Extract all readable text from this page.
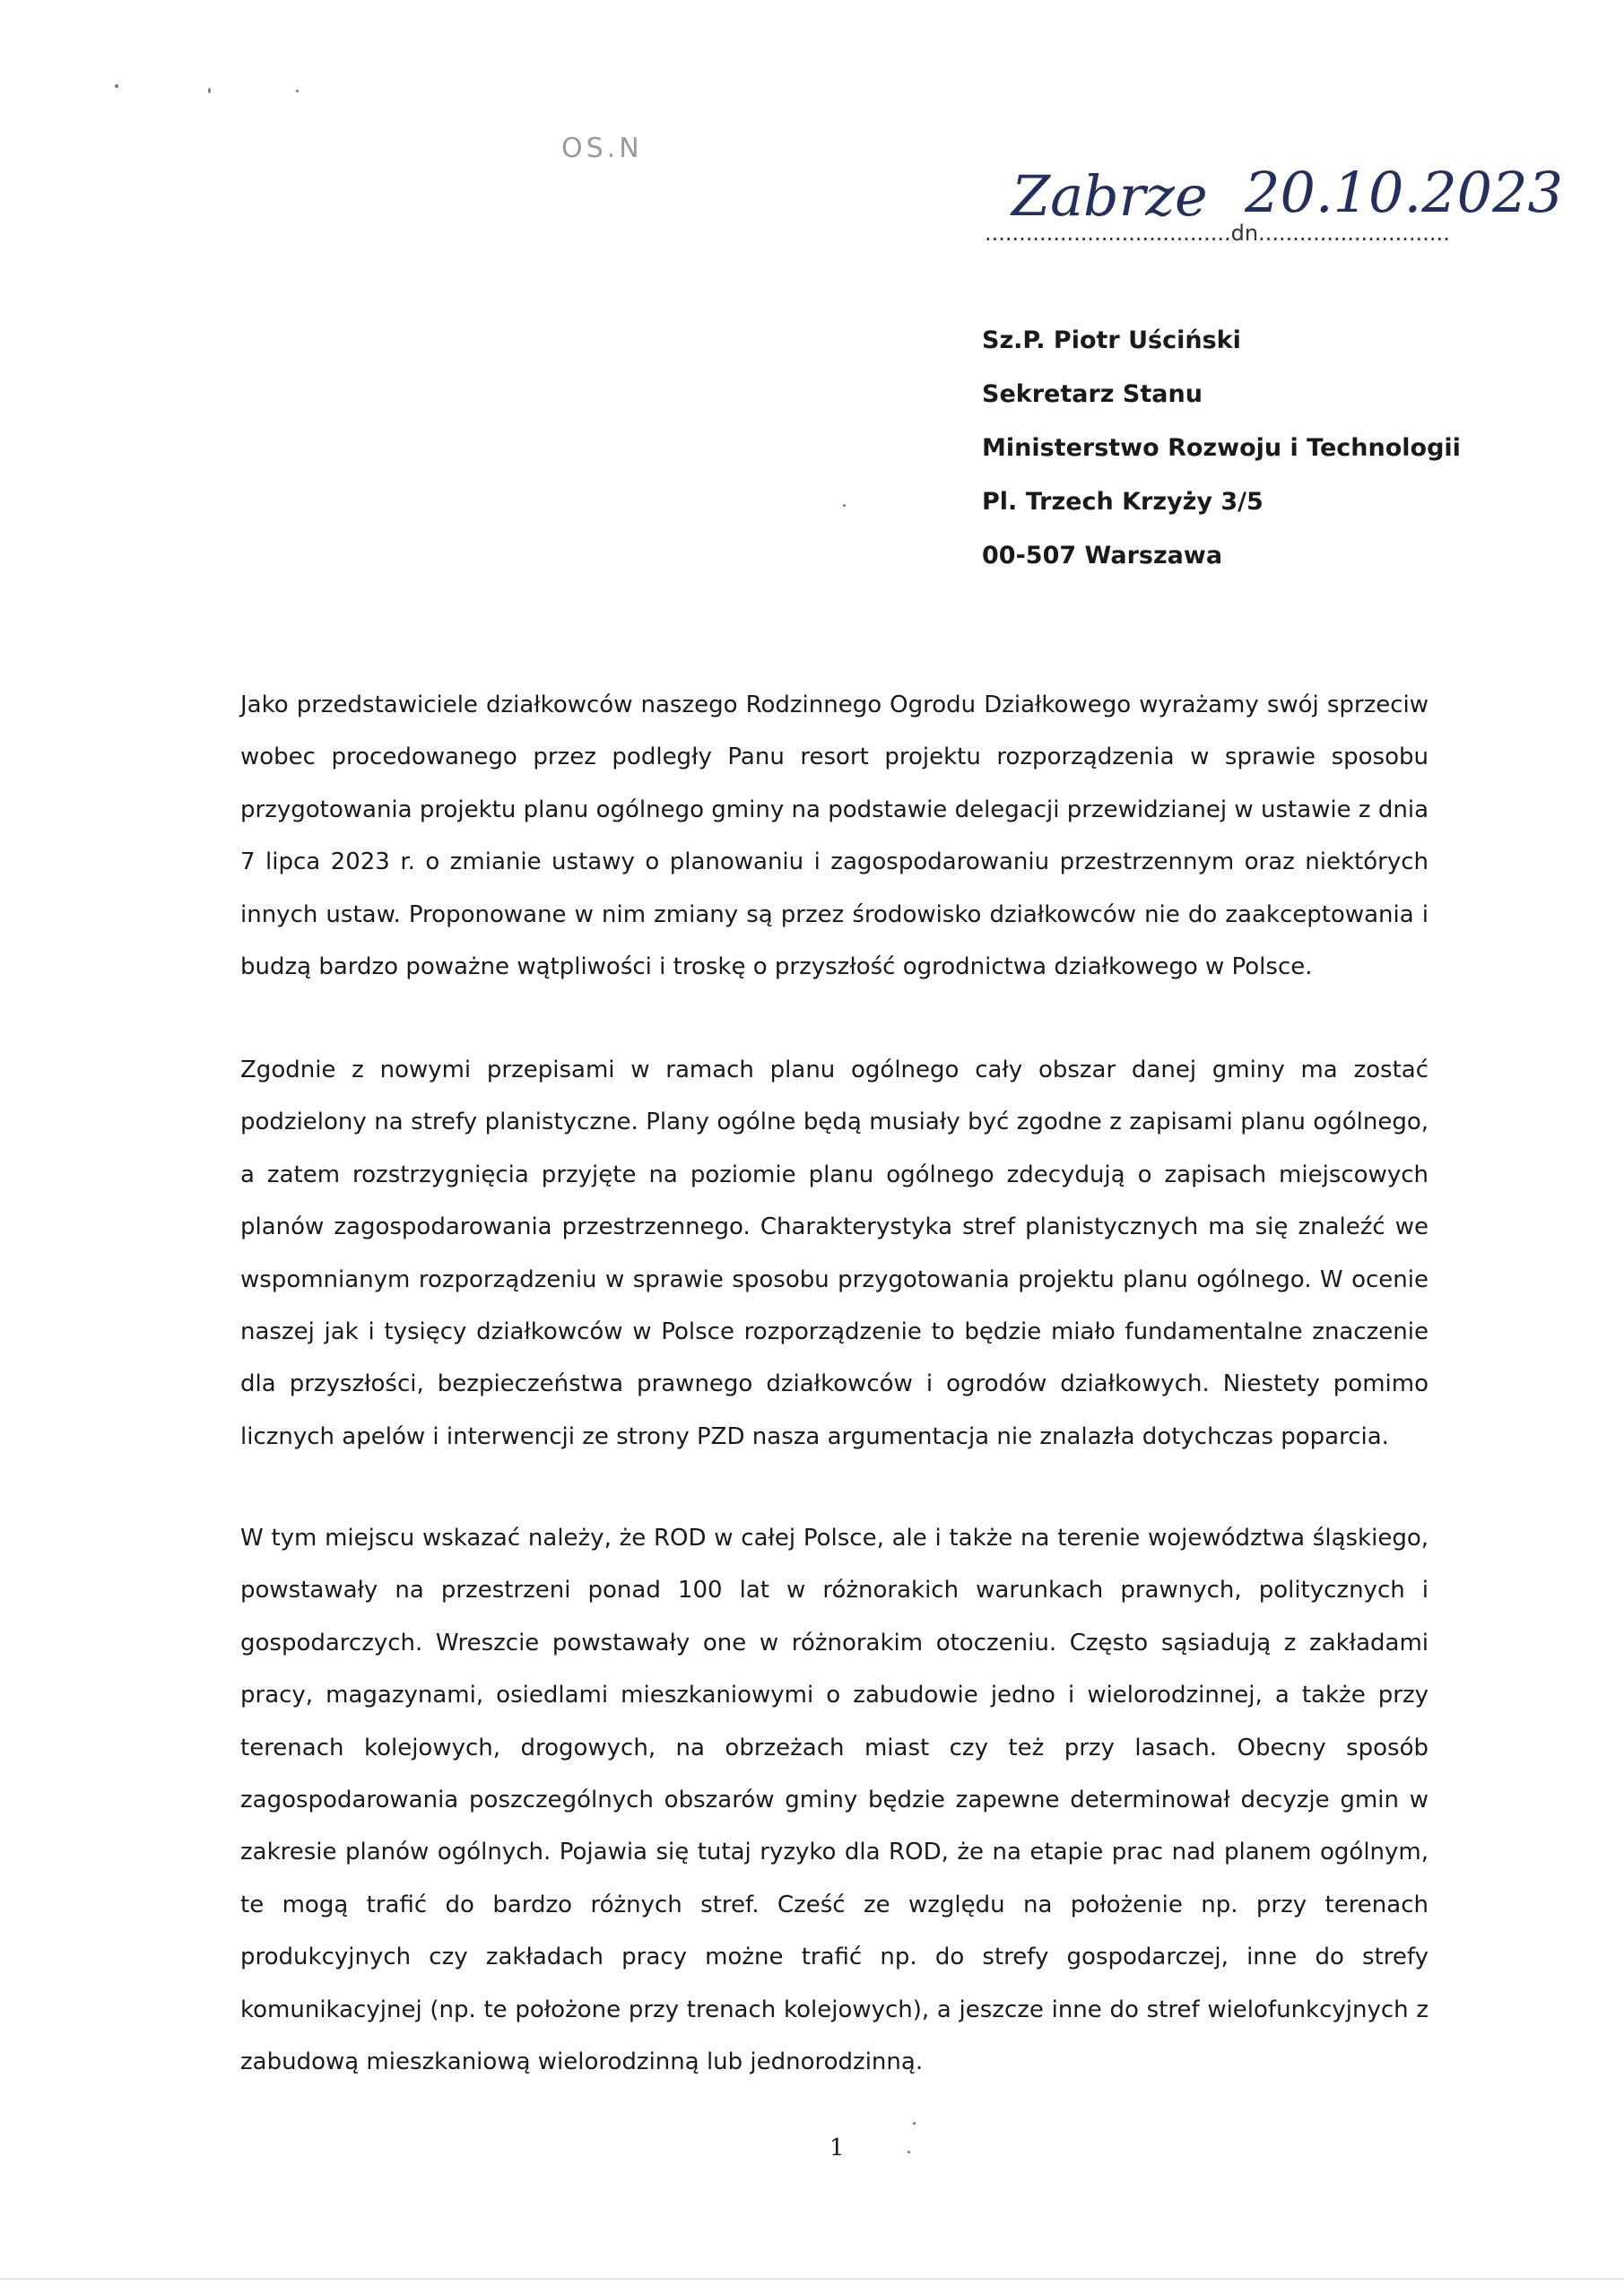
OS.N
Zabrze 20.10.2023
....................................dn............................
Sz.P. Piotr Uściński
Sekretarz Stanu
Ministerstwo Rozwoju i Technologii
Pl. Trzech Krzyży 3/5
00-507 Warszawa
Jako przedstawiciele działkowców naszego Rodzinnego Ogrodu Działkowego wyrażamy swój sprzeciw wobec procedowanego przez podległy Panu resort projektu rozporządzenia w sprawie sposobu przygotowania projektu planu ogólnego gminy na podstawie delegacji przewidzianej w ustawie z dnia 7 lipca 2023 r. o zmianie ustawy o planowaniu i zagospodarowaniu przestrzennym oraz niektórych innych ustaw. Proponowane w nim zmiany są przez środowisko działkowców nie do zaakceptowania i budzą bardzo poważne wątpliwości i troskę o przyszłość ogrodnictwa działkowego w Polsce.
Zgodnie z nowymi przepisami w ramach planu ogólnego cały obszar danej gminy ma zostać podzielony na strefy planistyczne. Plany ogólne będą musiały być zgodne z zapisami planu ogólnego, a zatem rozstrzygnięcia przyjęte na poziomie planu ogólnego zdecydują o zapisach miejscowych planów zagospodarowania przestrzennego. Charakterystyka stref planistycznych ma się znaleźć we wspomnianym rozporządzeniu w sprawie sposobu przygotowania projektu planu ogólnego. W ocenie naszej jak i tysięcy działkowców w Polsce rozporządzenie to będzie miało fundamentalne znaczenie dla przyszłości, bezpieczeństwa prawnego działkowców i ogrodów działkowych. Niestety pomimo licznych apelów i interwencji ze strony PZD nasza argumentacja nie znalazła dotychczas poparcia.
W tym miejscu wskazać należy, że ROD w całej Polsce, ale i także na terenie województwa śląskiego, powstawały na przestrzeni ponad 100 lat w różnorakich warunkach prawnych, politycznych i gospodarczych. Wreszcie powstawały one w różnorakim otoczeniu. Często sąsiadują z zakładami pracy, magazynami, osiedlami mieszkaniowymi o zabudowie jedno i wielorodzinnej, a także przy terenach kolejowych, drogowych, na obrzeżach miast czy też przy lasach. Obecny sposób zagospodarowania poszczególnych obszarów gminy będzie zapewne determinował decyzje gmin w zakresie planów ogólnych. Pojawia się tutaj ryzyko dla ROD, że na etapie prac nad planem ogólnym, te mogą trafić do bardzo różnych stref. Cześć ze względu na położenie np. przy terenach produkcyjnych czy zakładach pracy możne trafić np. do strefy gospodarczej, inne do strefy komunikacyjnej (np. te położone przy trenach kolejowych), a jeszcze inne do stref wielofunkcyjnych z zabudową mieszkaniową wielorodzinną lub jednorodzinną.
1
